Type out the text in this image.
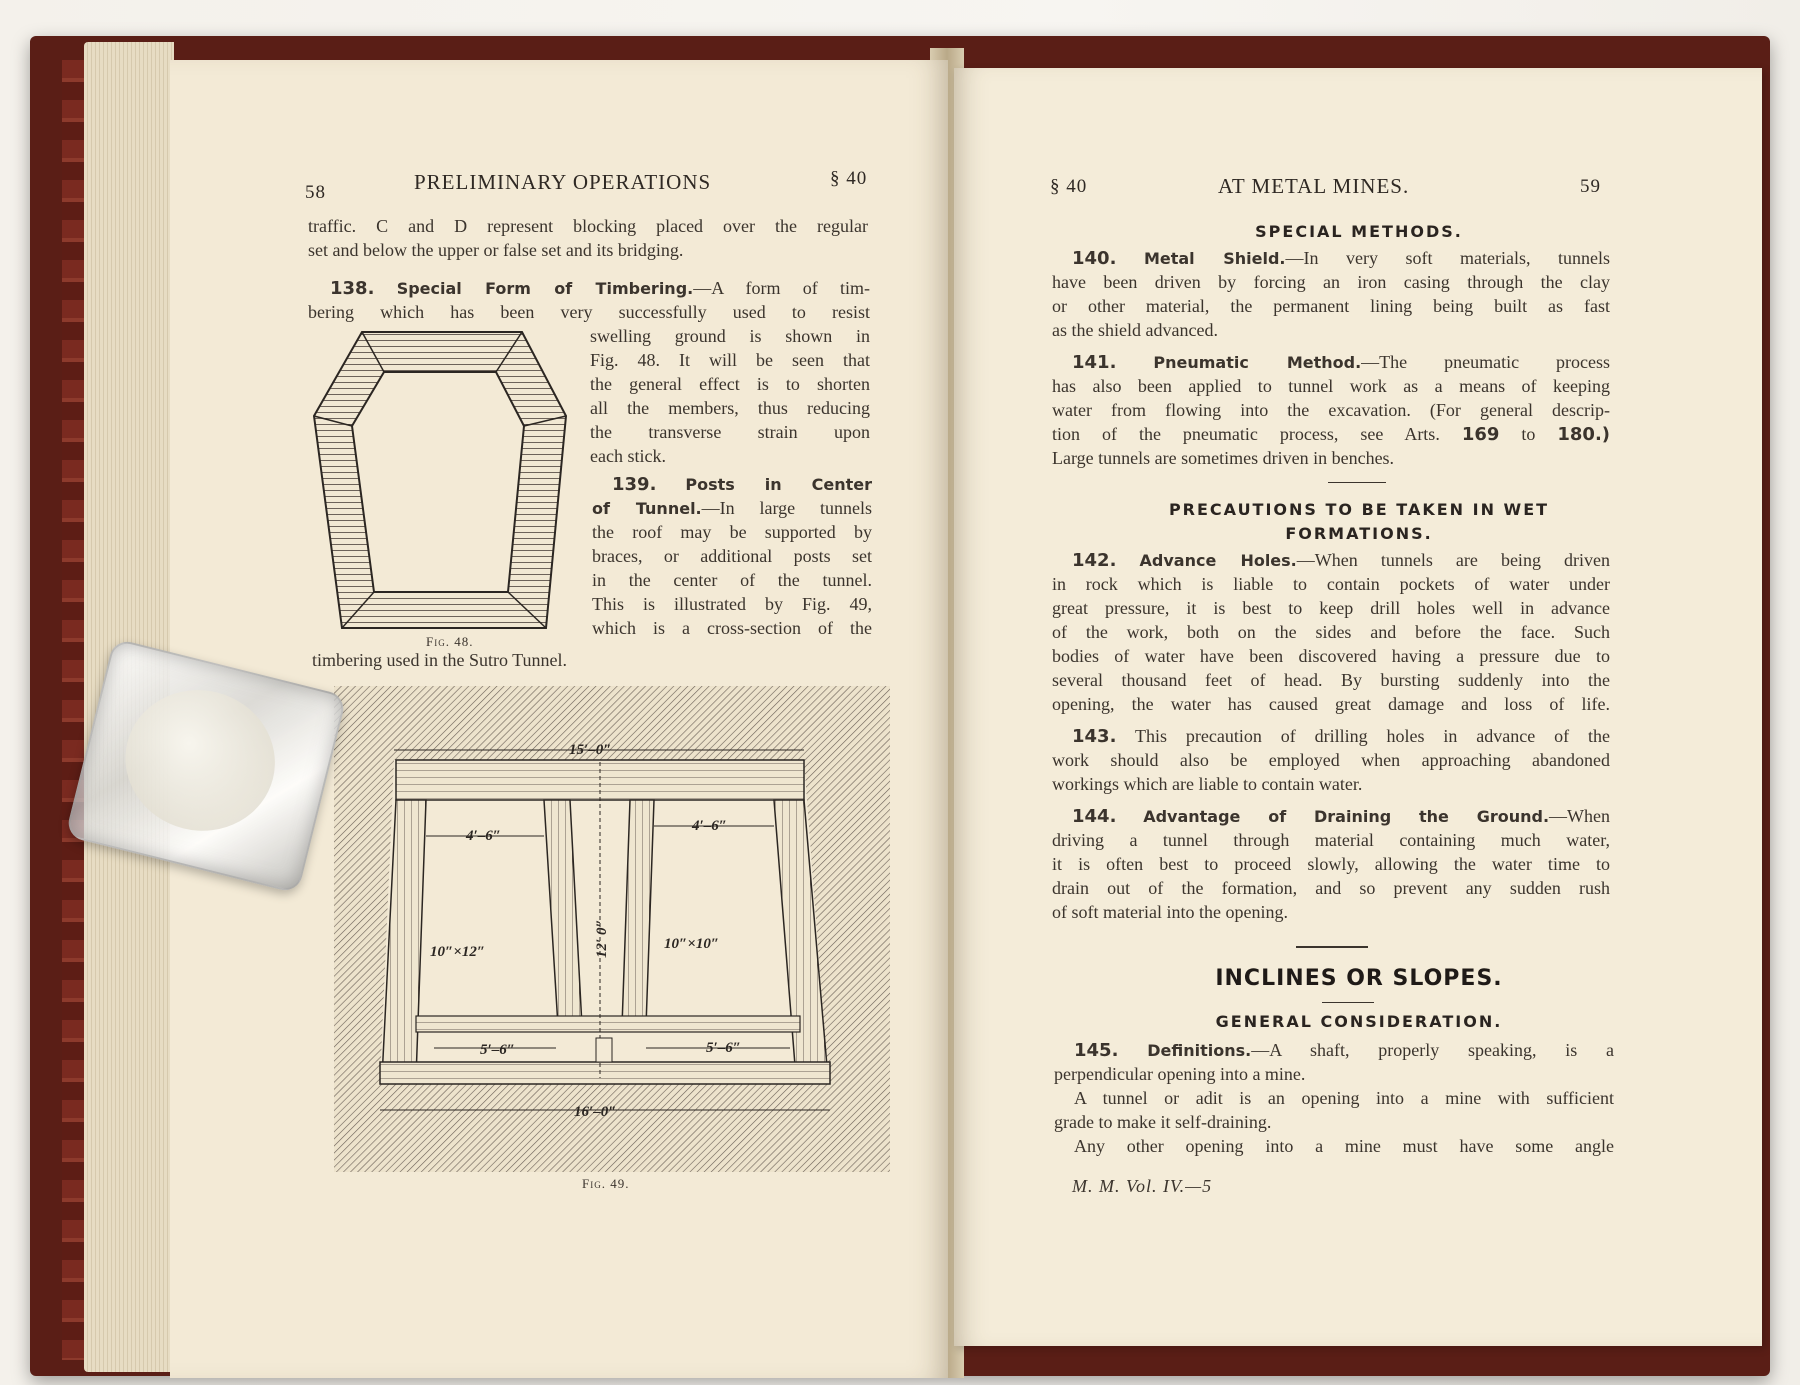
58	PRELIMINARY OPERATIONS	§ 40
traffic. C and D represent blocking placed over the regular
set and below the upper or false set and its bridging.
138. Special Form of Timbering.—A form of tim-
bering which has been very successfully used to resist
swelling ground is shown in
Fig. 48. It will be seen that
the general effect is to shorten
all the members, thus reducing
the transverse strain upon
each stick.
139. Posts in Center
of Tunnel.—In large tunnels
the roof may be supported by
braces, or additional posts set
in the center of the tunnel.
This is illustrated by Fig. 49,
which is a cross-section of the
timbering used in the Sutro Tunnel.
Fig. 48.
15′–0″
4′–6″
4′–6″
12′ 0″
10″×12″	10″×10″
5′–6″	5′–6″
16′–0″
Fig. 49.
§ 40	AT METAL MINES.	59
SPECIAL METHODS.
140. Metal Shield.—In very soft materials, tunnels
have been driven by forcing an iron casing through the clay
or other material, the permanent lining being built as fast
as the shield advanced.
141. Pneumatic Method.—The pneumatic process
has also been applied to tunnel work as a means of keeping
water from flowing into the excavation. (For general descrip-
tion of the pneumatic process, see Arts. 169 to 180.)
Large tunnels are sometimes driven in benches.
PRECAUTIONS TO BE TAKEN IN WET
FORMATIONS.
142. Advance Holes.—When tunnels are being driven
in rock which is liable to contain pockets of water under
great pressure, it is best to keep drill holes well in advance
of the work, both on the sides and before the face. Such
bodies of water have been discovered having a pressure due to
several thousand feet of head. By bursting suddenly into the
opening, the water has caused great damage and loss of life.
143. This precaution of drilling holes in advance of the
work should also be employed when approaching abandoned
workings which are liable to contain water.
144. Advantage of Draining the Ground.—When
driving a tunnel through material containing much water,
it is often best to proceed slowly, allowing the water time to
drain out of the formation, and so prevent any sudden rush
of soft material into the opening.
INCLINES OR SLOPES.
GENERAL CONSIDERATION.
145. Definitions.—A shaft, properly speaking, is a
perpendicular opening into a mine.
A tunnel or adit is an opening into a mine with sufficient
grade to make it self-draining.
Any other opening into a mine must have some angle
M. M. Vol. IV.—5
